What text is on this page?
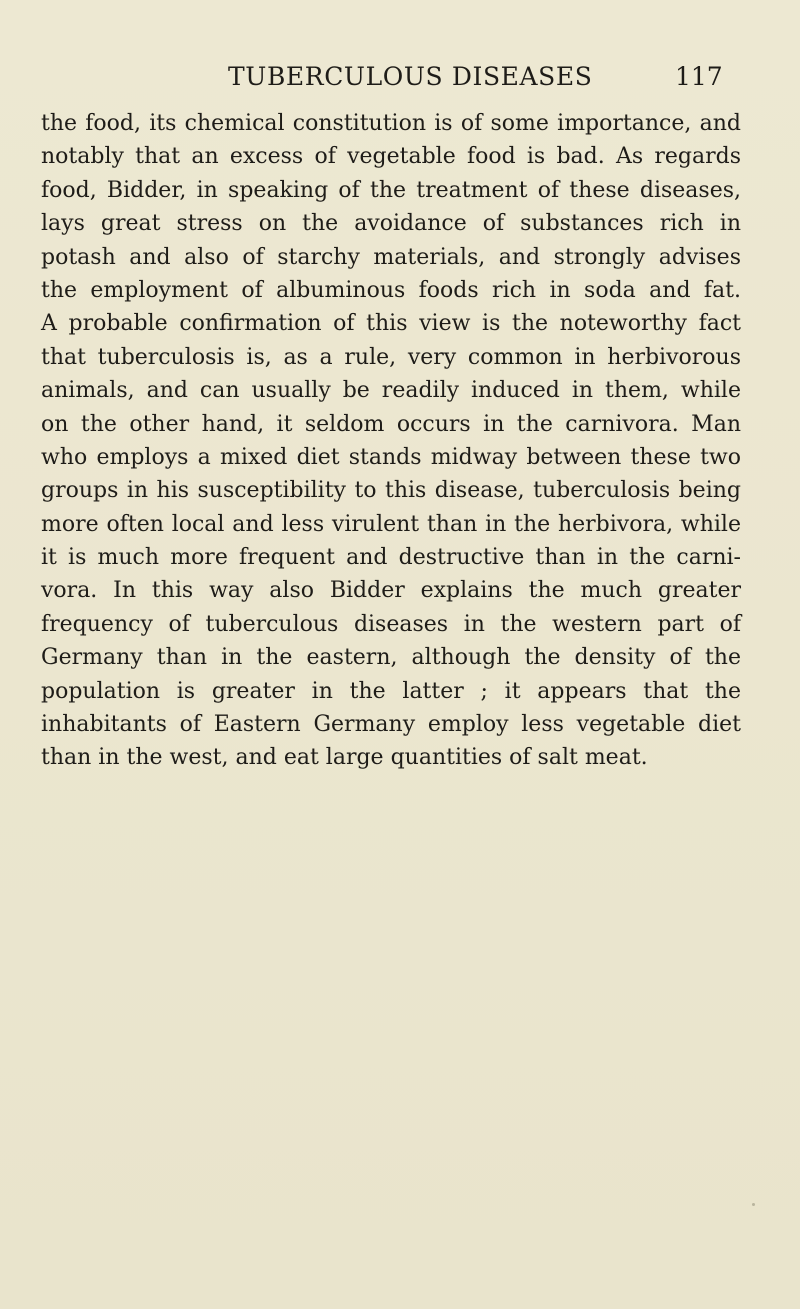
TUBERCULOUS DISEASES	117
the food, its chemical constitution is of some importance, and
notably that an excess of vegetable food is bad. As regards
food, Bidder, in speaking of the treatment of these diseases,
lays great stress on the avoidance of substances rich in
potash and also of starchy materials, and strongly advises
the employment of albuminous foods rich in soda and fat.
A probable confirmation of this view is the noteworthy fact
that tuberculosis is, as a rule, very common in herbivorous
animals, and can usually be readily induced in them, while
on the other hand, it seldom occurs in the carnivora. Man
who employs a mixed diet stands midway between these two
groups in his susceptibility to this disease, tuberculosis being
more often local and less virulent than in the herbivora, while
it is much more frequent and destructive than in the carni-
vora. In this way also Bidder explains the much greater
frequency of tuberculous diseases in the western part of
Germany than in the eastern, although the density of the
population is greater in the latter ; it appears that the
inhabitants of Eastern Germany employ less vegetable diet
than in the west, and eat large quantities of salt meat.
